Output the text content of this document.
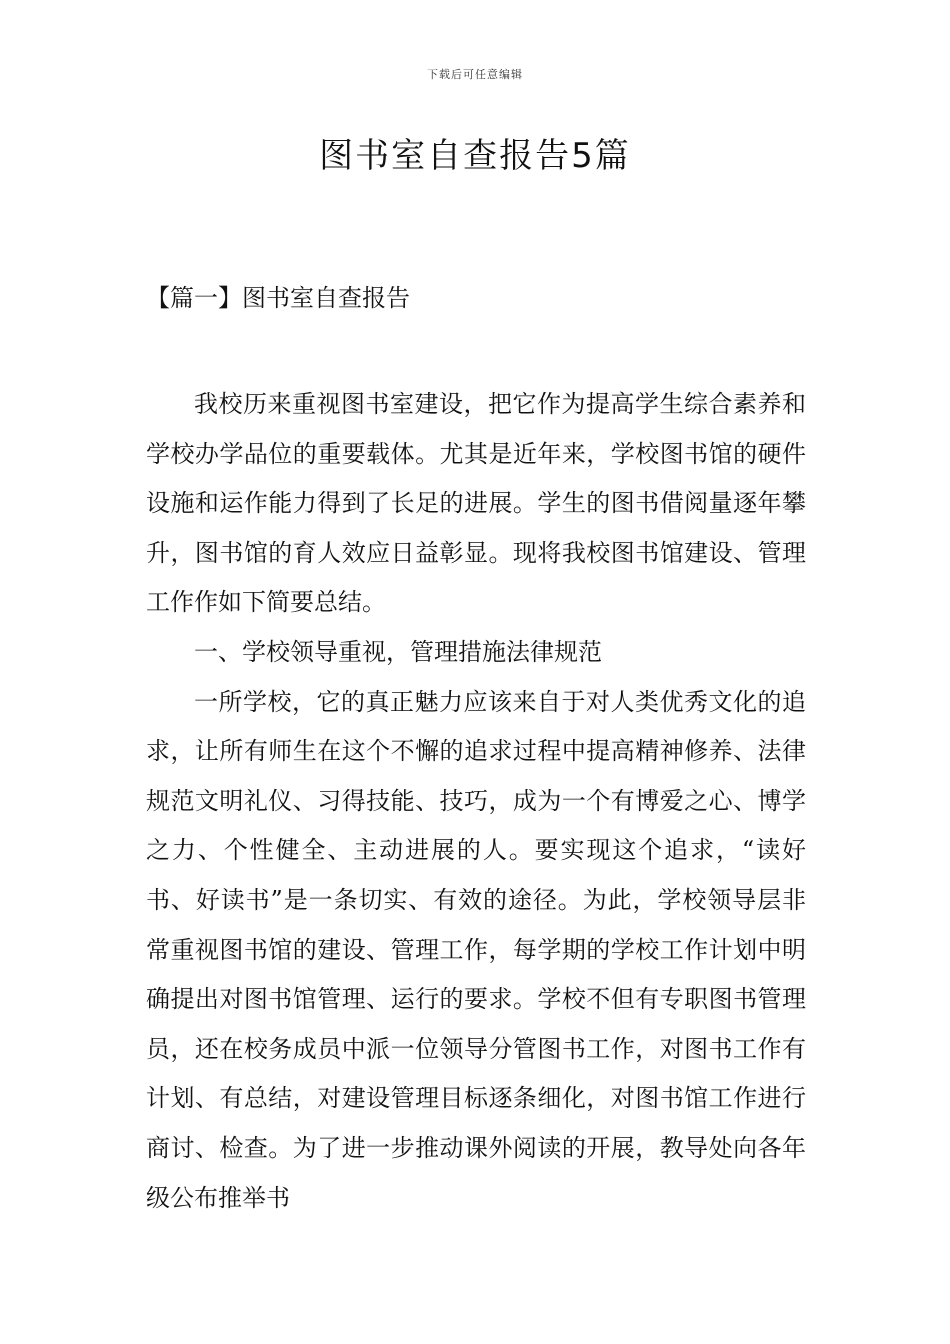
下载后可任意编辑
图书室自查报告5篇
【篇一】图书室自查报告

我校历来重视图书室建设，把它作为提高学生综合素养和学校办学品位的重要载体。尤其是近年来，学校图书馆的硬件设施和运作能力得到了长足的进展。学生的图书借阅量逐年攀升，图书馆的育人效应日益彰显。现将我校图书馆建设、管理工作作如下简要总结。

一、学校领导重视，管理措施法律规范

一所学校，它的真正魅力应该来自于对人类优秀文化的追求，让所有师生在这个不懈的追求过程中提高精神修养、法律规范文明礼仪、习得技能、技巧，成为一个有博爱之心、博学之力、个性健全、主动进展的人。要实现这个追求，“读好书、好读书”是一条切实、有效的途径。为此，学校领导层非常重视图书馆的建设、管理工作，每学期的学校工作计划中明确提出对图书馆管理、运行的要求。学校不但有专职图书管理员，还在校务成员中派一位领导分管图书工作，对图书工作有计划、有总结，对建设管理目标逐条细化，对图书馆工作进行商讨、检查。为了进一步推动课外阅读的开展，教导处向各年级公布推举书
